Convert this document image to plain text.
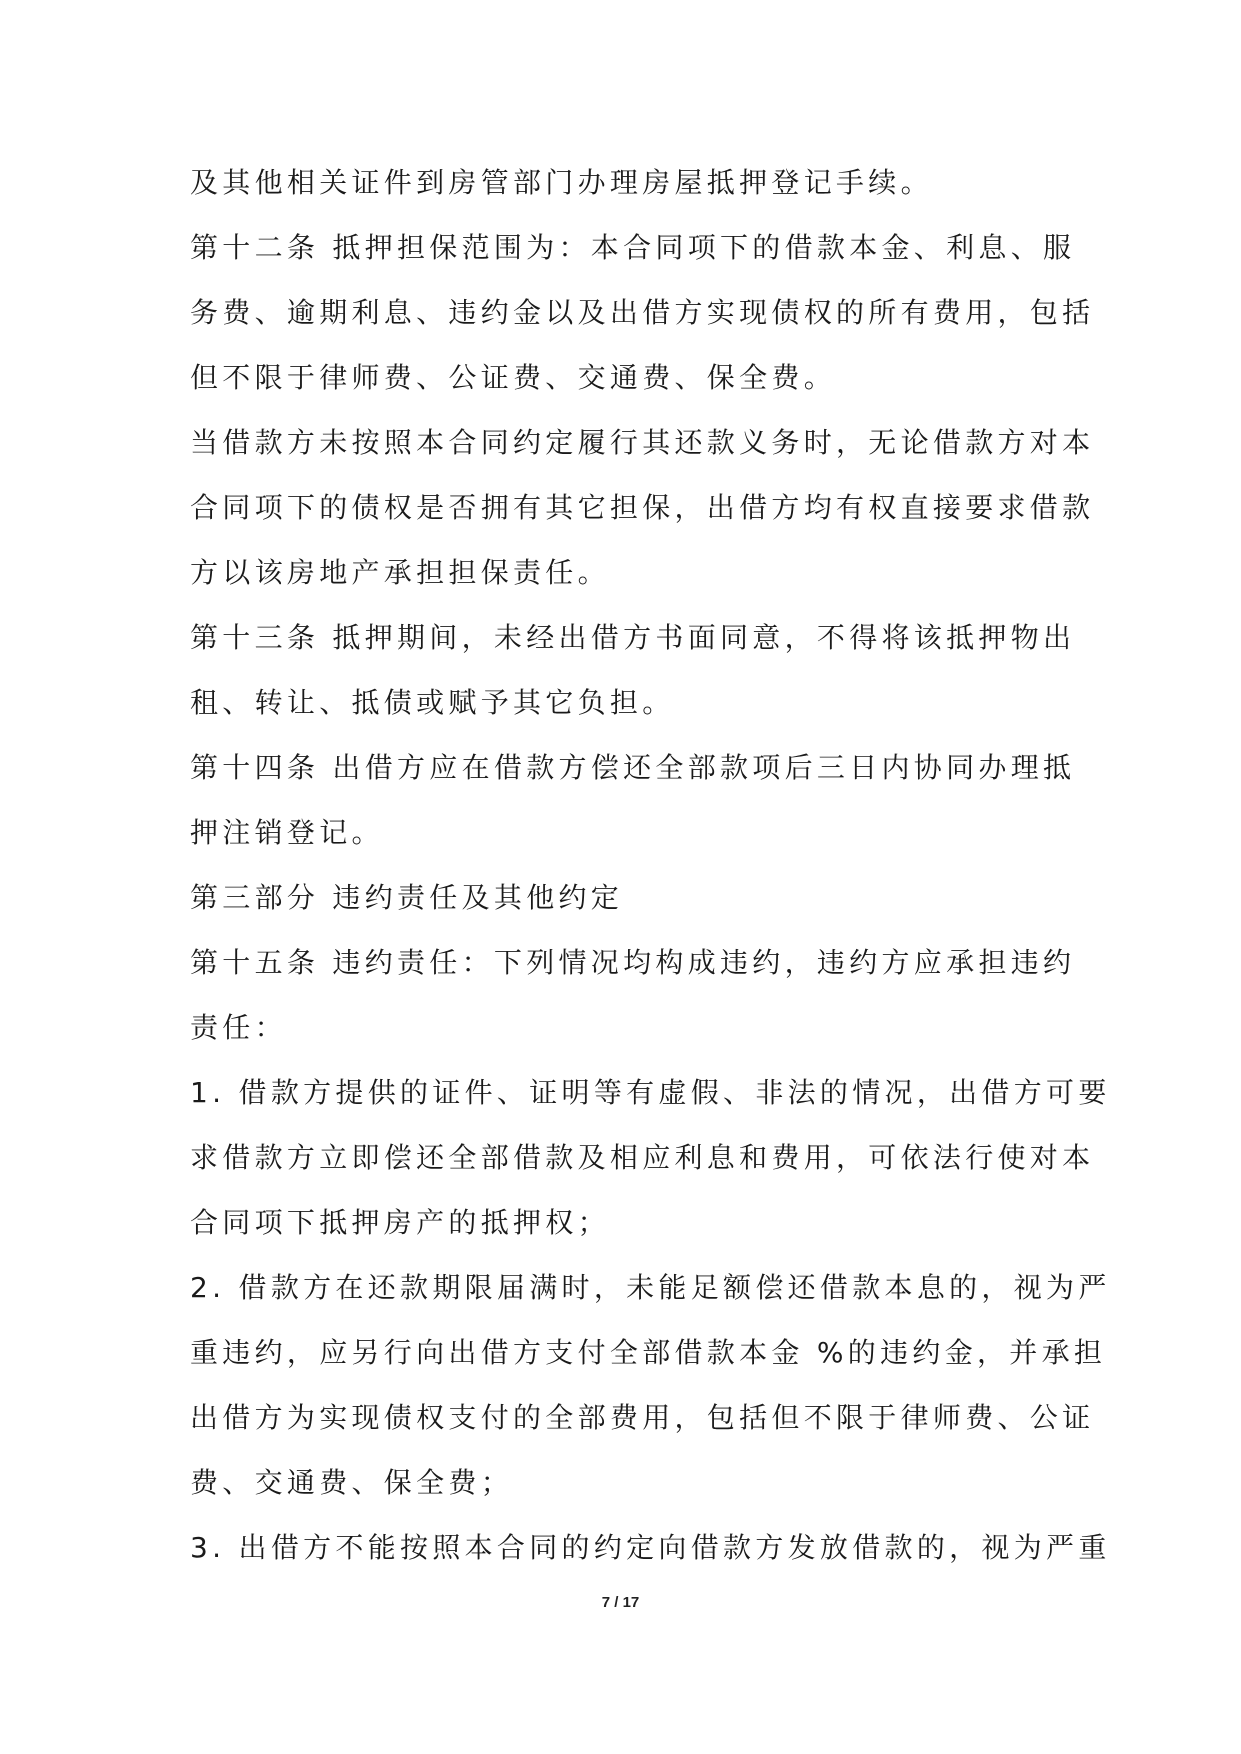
及其他相关证件到房管部门办理房屋抵押登记手续。
第十二条 抵押担保范围为：本合同项下的借款本金、利息、服
务费、逾期利息、违约金以及出借方实现债权的所有费用，包括
但不限于律师费、公证费、交通费、保全费。
当借款方未按照本合同约定履行其还款义务时，无论借款方对本
合同项下的债权是否拥有其它担保，出借方均有权直接要求借款
方以该房地产承担担保责任。
第十三条 抵押期间，未经出借方书面同意，不得将该抵押物出
租、转让、抵债或赋予其它负担。
第十四条 出借方应在借款方偿还全部款项后三日内协同办理抵
押注销登记。
第三部分 违约责任及其他约定
第十五条 违约责任：下列情况均构成违约，违约方应承担违约
责任：
1. 借款方提供的证件、证明等有虚假、非法的情况，出借方可要
求借款方立即偿还全部借款及相应利息和费用，可依法行使对本
合同项下抵押房产的抵押权；
2. 借款方在还款期限届满时，未能足额偿还借款本息的，视为严
重违约，应另行向出借方支付全部借款本金 %的违约金，并承担
出借方为实现债权支付的全部费用，包括但不限于律师费、公证
费、交通费、保全费；
3. 出借方不能按照本合同的约定向借款方发放借款的，视为严重
7 / 17
